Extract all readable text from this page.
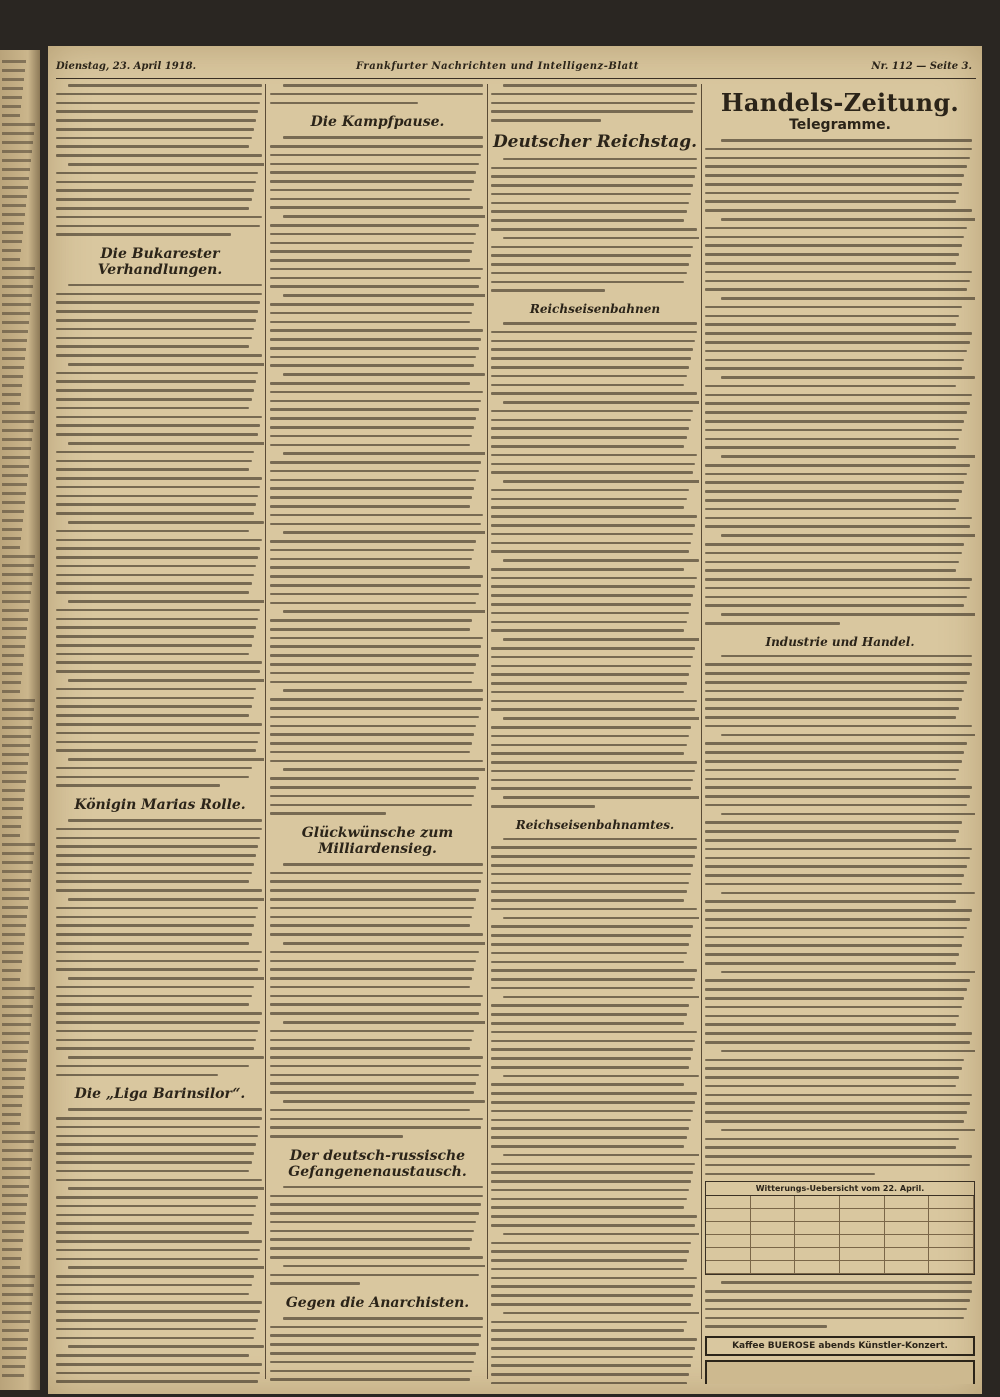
Dienstag, 23. April 1918.	Frankfurter Nachrichten und Intelligenz-Blatt	Nr. 112 — Seite 3.
Die Bukarester Verhandlungen.
Königin Marias Rolle.
Die „Liga Barinsilor“.
Die Kampfpause.
Glückwünsche zum Milliardensieg.
Der deutsch-russische Gefangenenaustausch.
Gegen die Anarchisten.
Deutscher Reichstag.
Reichseisenbahnen
Reichseisenbahnamtes.
Handels-Zeitung.
Telegramme.
Industrie und Handel.
Witterungs-Uebersicht vom 22. April.
Kaffee BUEROSE abends Künstler-Konzert.
